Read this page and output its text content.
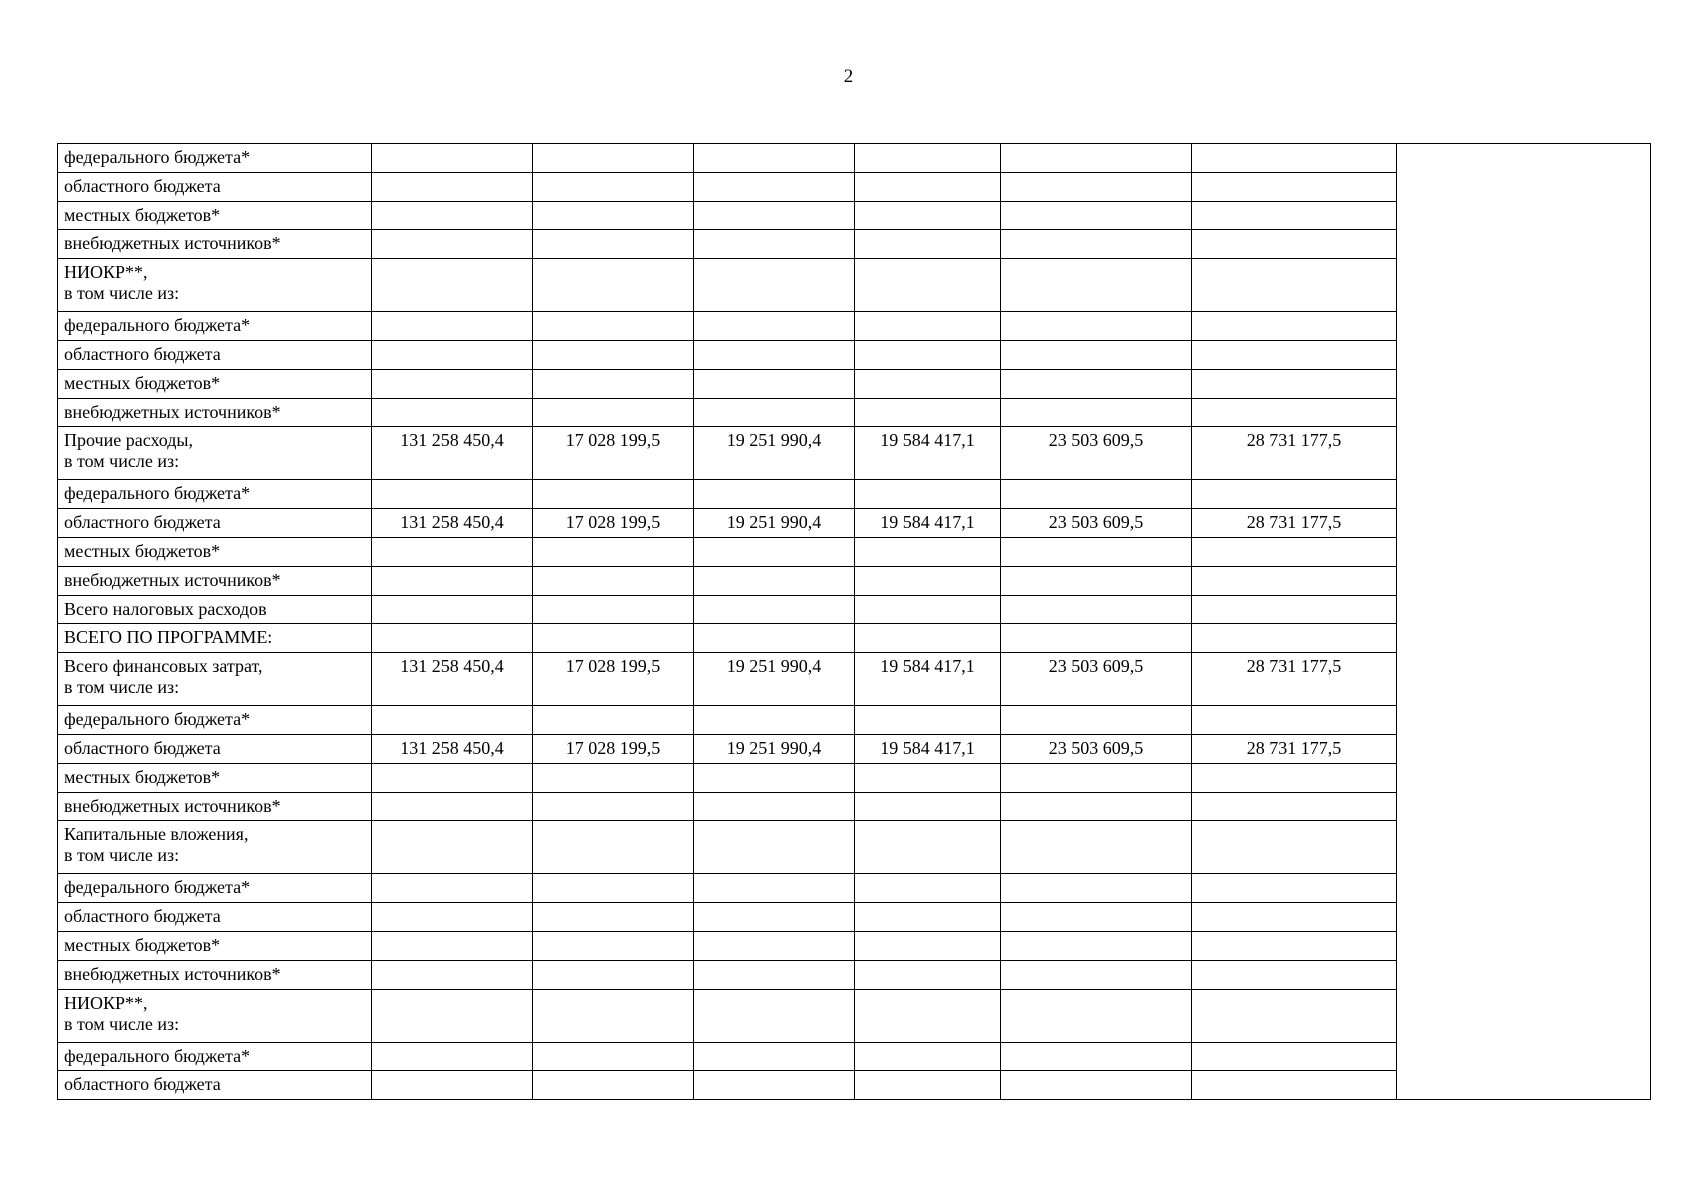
2
федерального бюджета*							

областного бюджета							

местных бюджетов*							

внебюджетных источников*							

НИОКР**,
в том числе из:							

федерального бюджета*							

областного бюджета							

местных бюджетов*							

внебюджетных источников*							

Прочие расходы,
в том числе из:	131 258 450,4	17 028 199,5	19 251 990,4	19 584 417,1	23 503 609,5	28 731 177,5	

федерального бюджета*							

областного бюджета	131 258 450,4	17 028 199,5	19 251 990,4	19 584 417,1	23 503 609,5	28 731 177,5	

местных бюджетов*							

внебюджетных источников*							

Всего налоговых расходов							

ВСЕГО ПО ПРОГРАММЕ:							

Всего финансовых затрат,
в том числе из:	131 258 450,4	17 028 199,5	19 251 990,4	19 584 417,1	23 503 609,5	28 731 177,5	

федерального бюджета*							

областного бюджета	131 258 450,4	17 028 199,5	19 251 990,4	19 584 417,1	23 503 609,5	28 731 177,5	

местных бюджетов*							

внебюджетных источников*							

Капитальные вложения,
в том числе из:							

федерального бюджета*							

областного бюджета							

местных бюджетов*							

внебюджетных источников*							

НИОКР**,
в том числе из:							

федерального бюджета*							

областного бюджета							
